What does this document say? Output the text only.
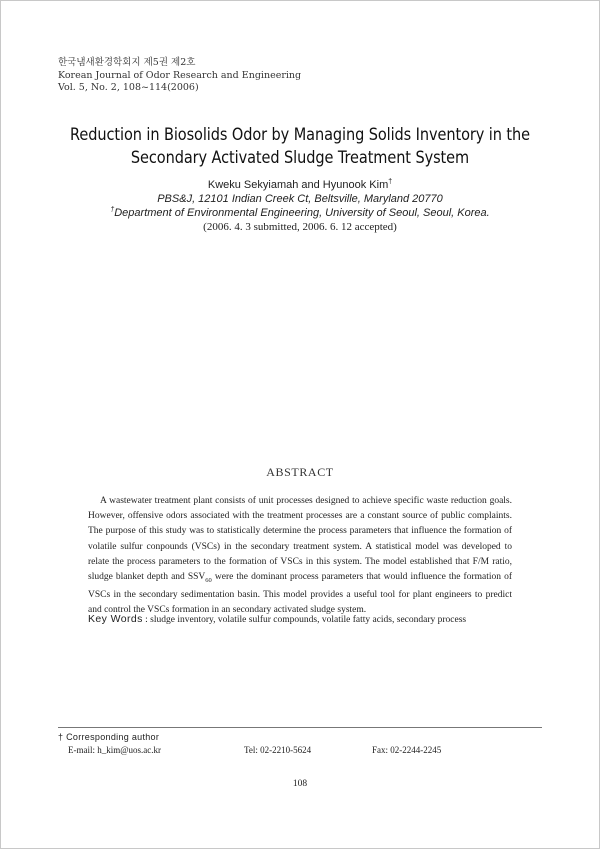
한국냄새환경학회지 제5권 제2호
Korean Journal of Odor Research and Engineering
Vol. 5, No. 2, 108~114(2006)
Reduction in Biosolids Odor by Managing Solids Inventory in the
Secondary Activated Sludge Treatment System
Kweku Sekyiamah and Hyunook Kim†
PBS&J, 12101 Indian Creek Ct, Beltsville, Maryland 20770
†Department of Environmental Engineering, University of Seoul, Seoul, Korea.
(2006. 4. 3 submitted, 2006. 6. 12 accepted)
ABSTRACT
A wastewater treatment plant consists of unit processes designed to achieve specific waste reduction goals. However, offensive odors associated with the treatment processes are a constant source of public complaints. The purpose of this study was to statistically determine the process parameters that influence the formation of volatile sulfur conpounds (VSCs) in the secondary treatment system. A statistical model was developed to relate the process parameters to the formation of VSCs in this system. The model established that F/M ratio, sludge blanket depth and $SSV_{60}$ were the dominant process parameters that would influence the formation of VSCs in the secondary sedimentation basin. This model provides a useful tool for plant engineers to predict and control the VSCs formation in an secondary activated sludge system.
Key Words : sludge inventory, volatile sulfur compounds, volatile fatty acids, secondary process
† Corresponding author
E-mail: h_kim@uos.ac.kr	Tel: 02-2210-5624	Fax: 02-2244-2245
108
